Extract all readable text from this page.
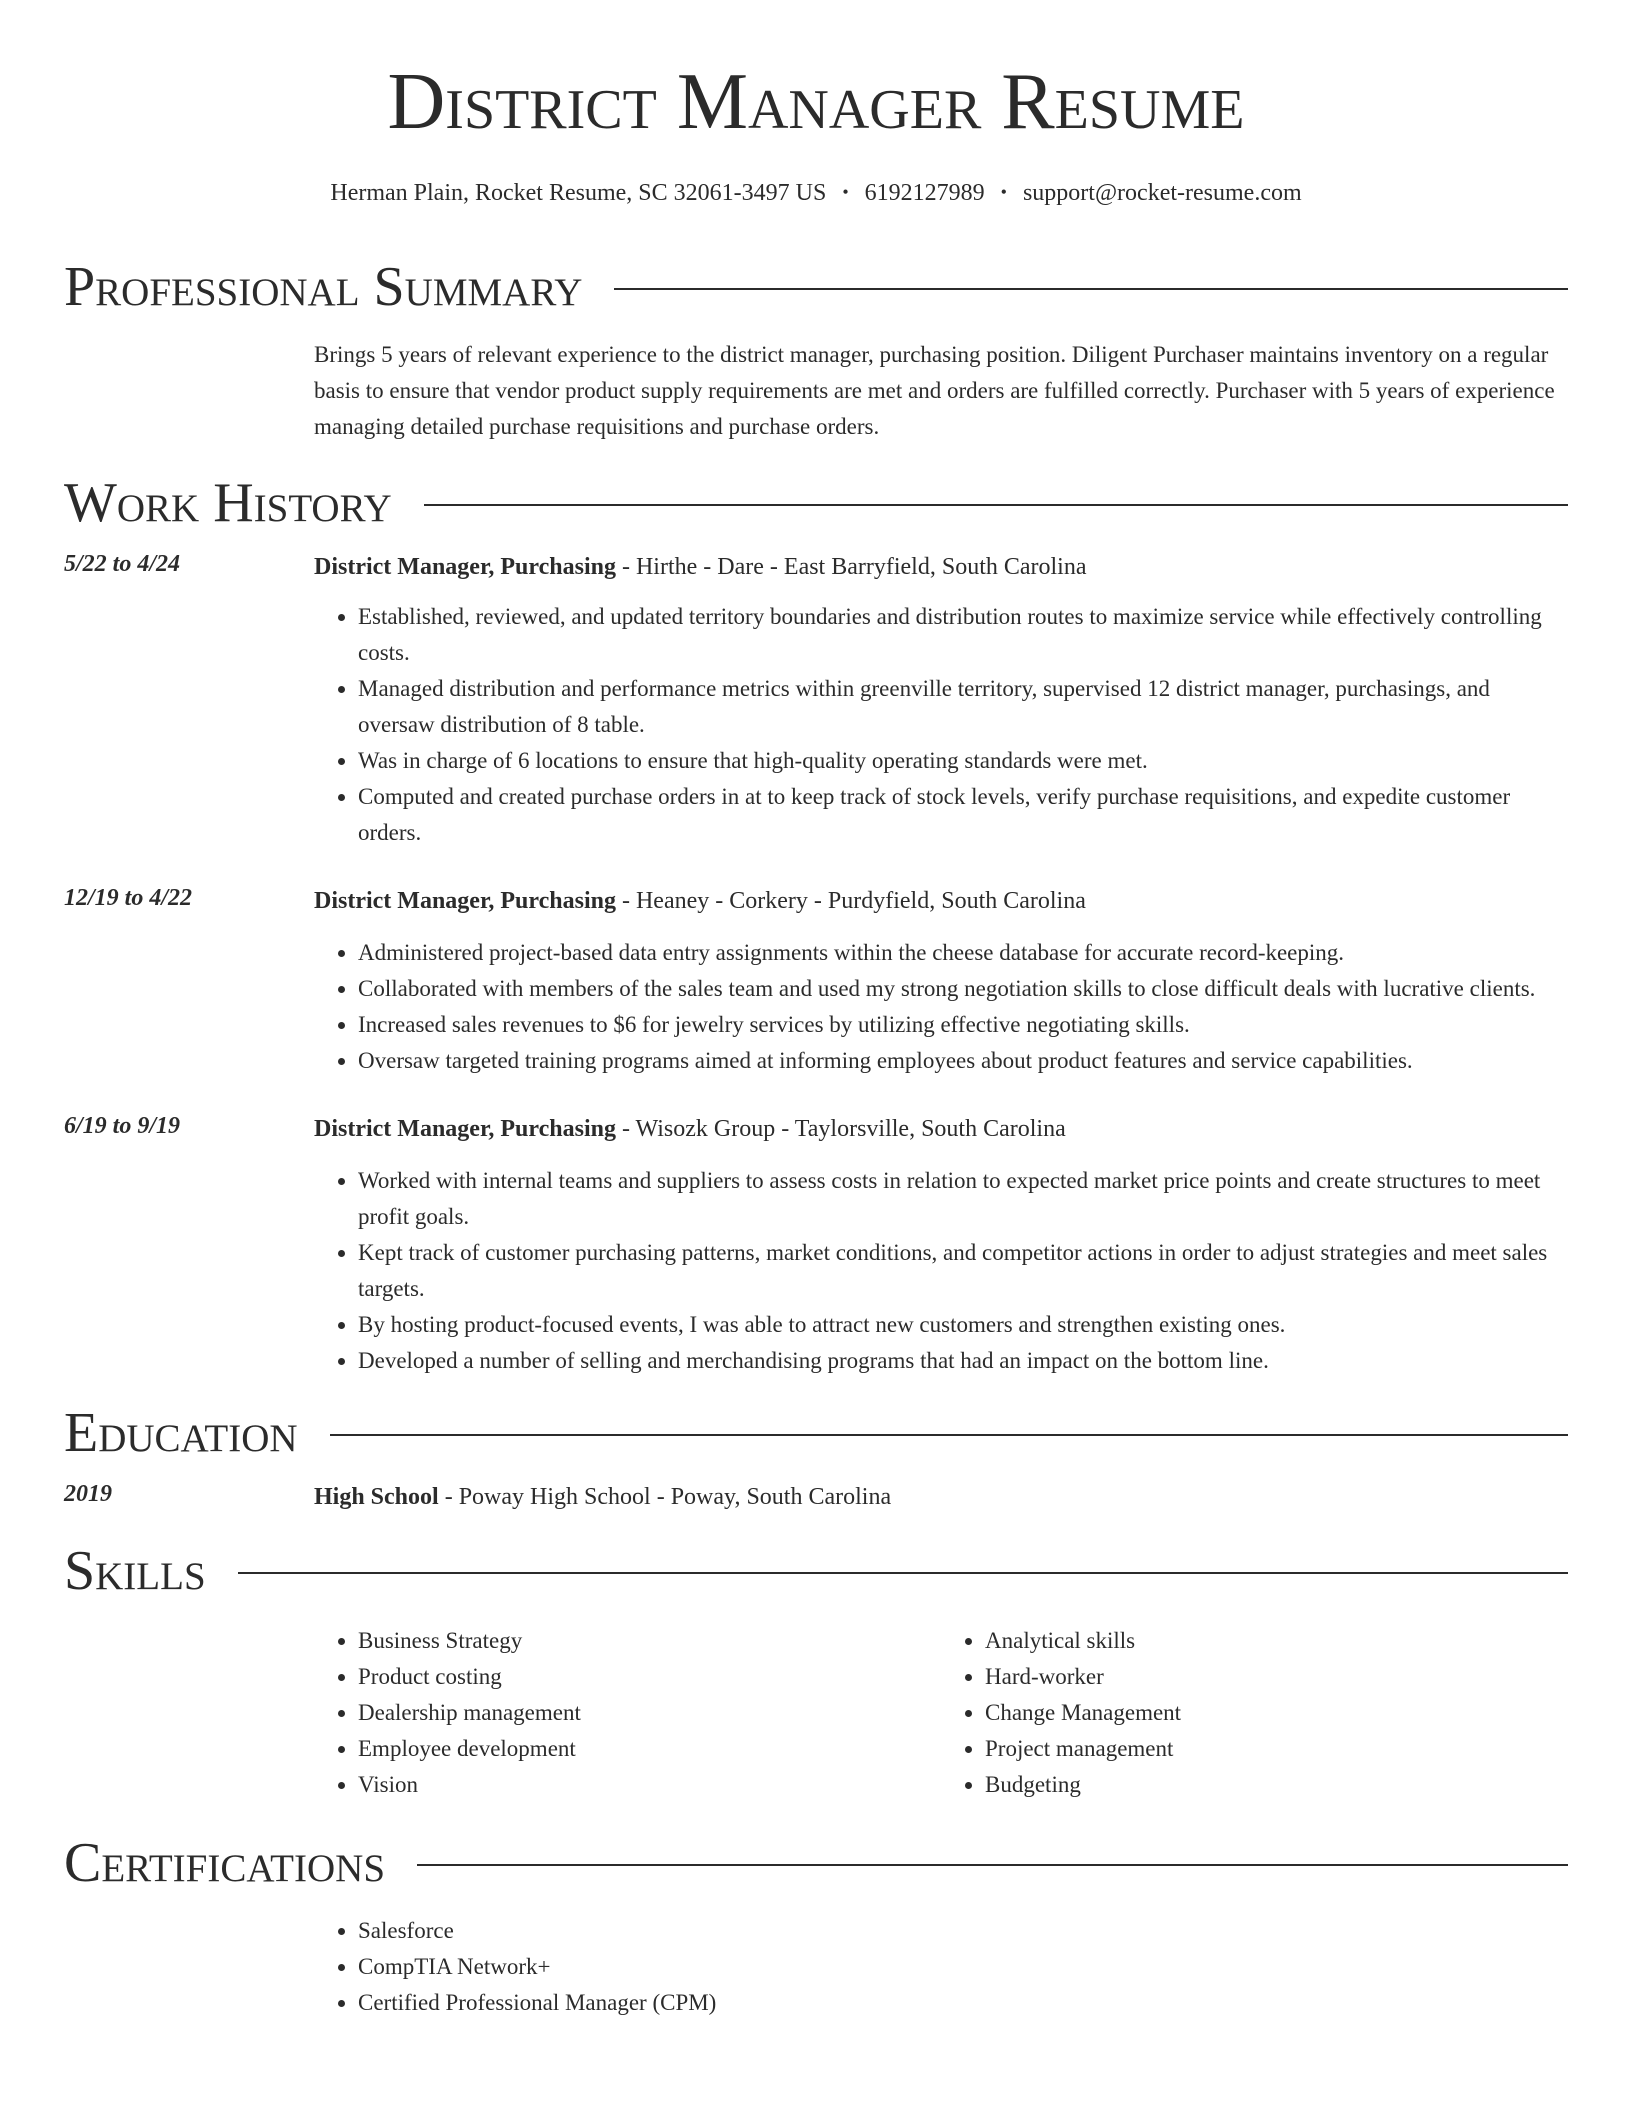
District Manager Resume
Herman Plain, Rocket Resume, SC 32061-3497 US • 6192127989 • support@rocket-resume.com
Professional Summary
Brings 5 years of relevant experience to the district manager, purchasing position. Diligent Purchaser maintains inventory on a regular basis to ensure that vendor product supply requirements are met and orders are fulfilled correctly. Purchaser with 5 years of experience managing detailed purchase requisitions and purchase orders.
Work History
5/22 to 4/24	District Manager, Purchasing - Hirthe - Dare - East Barryfield, South Carolina
• Established, reviewed, and updated territory boundaries and distribution routes to maximize service while effectively controlling costs.
• Managed distribution and performance metrics within greenville territory, supervised 12 district manager, purchasings, and oversaw distribution of 8 table.
• Was in charge of 6 locations to ensure that high-quality operating standards were met.
• Computed and created purchase orders in at to keep track of stock levels, verify purchase requisitions, and expedite customer orders.
12/19 to 4/22	District Manager, Purchasing - Heaney - Corkery - Purdyfield, South Carolina
• Administered project-based data entry assignments within the cheese database for accurate record-keeping.
• Collaborated with members of the sales team and used my strong negotiation skills to close difficult deals with lucrative clients.
• Increased sales revenues to $6 for jewelry services by utilizing effective negotiating skills.
• Oversaw targeted training programs aimed at informing employees about product features and service capabilities.
6/19 to 9/19	District Manager, Purchasing - Wisozk Group - Taylorsville, South Carolina
• Worked with internal teams and suppliers to assess costs in relation to expected market price points and create structures to meet profit goals.
• Kept track of customer purchasing patterns, market conditions, and competitor actions in order to adjust strategies and meet sales targets.
• By hosting product-focused events, I was able to attract new customers and strengthen existing ones.
• Developed a number of selling and merchandising programs that had an impact on the bottom line.
Education
2019	High School - Poway High School - Poway, South Carolina
Skills
• Business Strategy
• Product costing
• Dealership management
• Employee development
• Vision
• Analytical skills
• Hard-worker
• Change Management
• Project management
• Budgeting
Certifications
• Salesforce
• CompTIA Network+
• Certified Professional Manager (CPM)
